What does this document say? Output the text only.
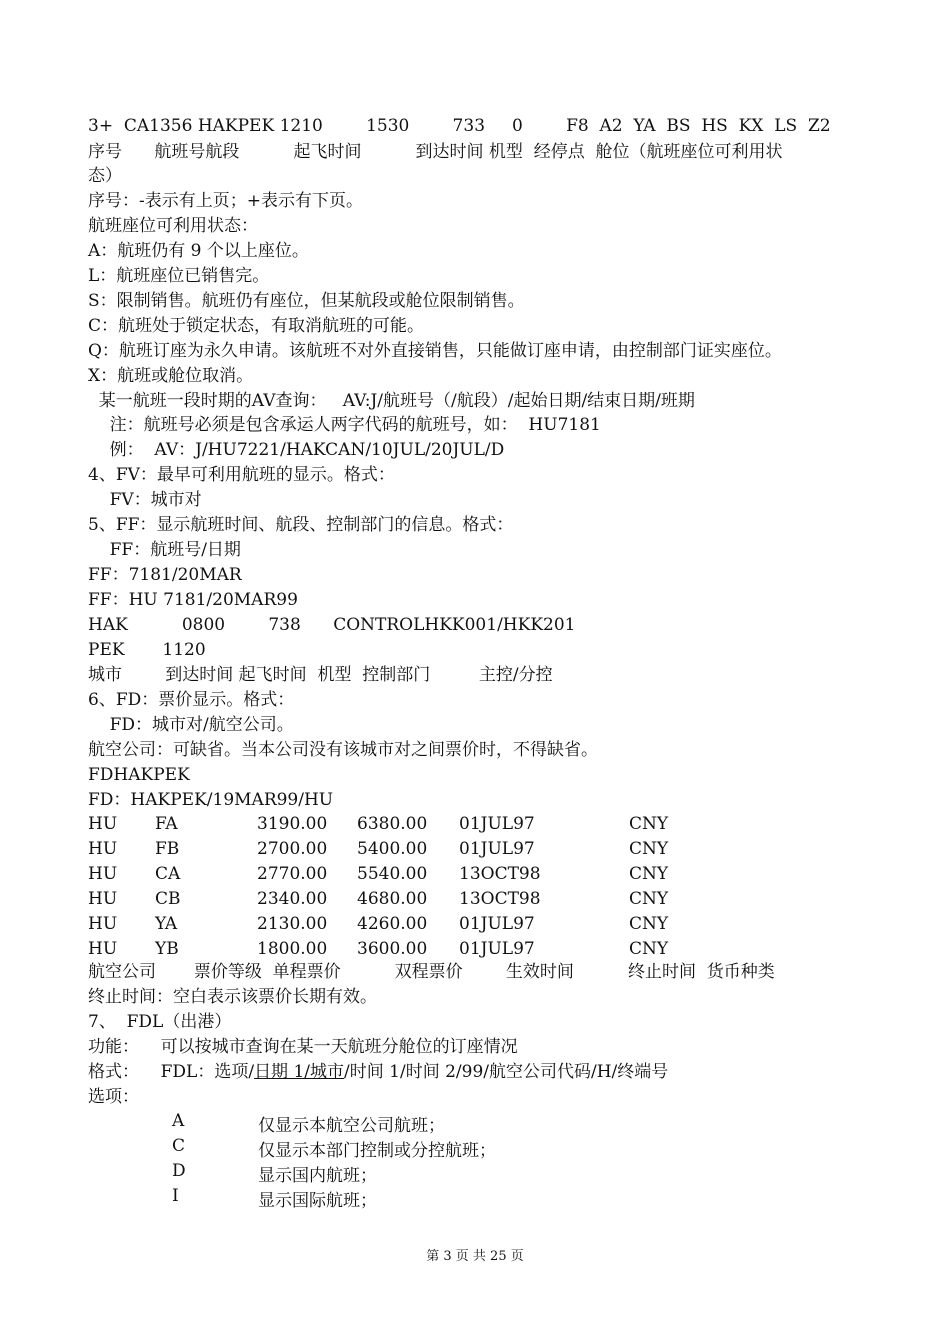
3+  CA1356 HAKPEK 1210        1530        733     0        F8  A2  YA  BS  HS  KX  LS  Z2
序号      航班号航段          起飞时间          到达时间 机型  经停点  舱位（航班座位可利用状
态）
序号：-表示有上页；+表示有下页。
航班座位可利用状态：
A：航班仍有 9 个以上座位。
L：航班座位已销售完。
S：限制销售。航班仍有座位，但某航段或舱位限制销售。
C：航班处于锁定状态，有取消航班的可能。
Q：航班订座为永久申请。该航班不对外直接销售，只能做订座申请，由控制部门证实座位。
X：航班或舱位取消。
某一航班一段时期的AV查询：   AV:J/航班号（/航段）/起始日期/结束日期/班期
注：航班号必须是包含承运人两字代码的航班号，如：  HU7181
例：  AV：J/HU7221/HAKCAN/10JUL/20JUL/D
4、FV：最早可利用航班的显示。格式：
FV：城市对
5、FF：显示航班时间、航段、控制部门的信息。格式：
FF：航班号/日期
FF：7181/20MAR
FF：HU 7181/20MAR99
HAK          0800        738      CONTROLHKK001/HKK201
PEK       1120
城市        到达时间 起飞时间  机型  控制部门         主控/分控
6、FD：票价显示。格式：
FD：城市对/航空公司。
航空公司：可缺省。当本公司没有该城市对之间票价时，不得缺省。
FDHAKPEK
FD：HAKPEK/19MAR99/HU
HU FA	3190.00 6380.00 01JUL97	CNY
HU FB	2700.00 5400.00 01JUL97	CNY
HU CA	2770.00 5540.00 13OCT98	CNY
HU CB	2340.00 4680.00 13OCT98	CNY
HU YA	2130.00 4260.00 01JUL97	CNY
HU YB	1800.00 3600.00 01JUL97	CNY
航空公司       票价等级  单程票价          双程票价        生效时间          终止时间  货币种类
终止时间：空白表示该票价长期有效。
7、  FDL（出港）
功能：    可以按城市查询在某一天航班分舱位的订座情况
格式：    FDL：选项/日期 1/城市/时间 1/时间 2/99/航空公司代码/H/终端号
选项：
A	仅显示本航空公司航班；
C	仅显示本部门控制或分控航班；
D	显示国内航班；
I	显示国际航班；
第 3 页 共 25 页
